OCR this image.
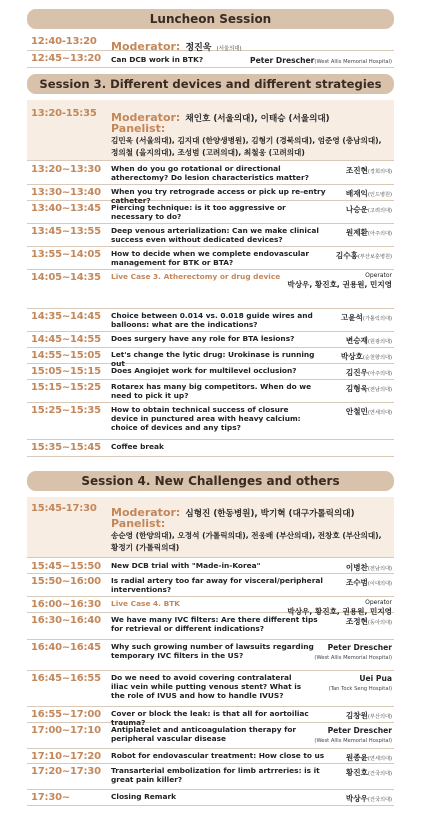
Luncheon Session
12:40-13:20 Moderator: 정진욱 (서울의대)
12:45~13:20 Can DCB work in BTK?	Peter Drescher(West Allis Memorial Hospital)
Session 3. Different devices and different strategies
13:20-15:35 Moderator: 채인호 (서울의대), 이태승 (서울의대)
Panelist:
김민욱 (서울의대), 김지대 (한양생병원), 김형기 (경북의대), 엄준영 (충남의대),
정의철 (을지의대), 조성범 (고려의대), 최철웅 (고려의대)
13:20~13:30 When do you go rotational or directional atherectomy? Do lesion characteristics matter?
조진현(경희의대)
13:30~13:40 When you try retrograde access or pick up re-entry catheter?
배재익(인드병원)
13:40~13:45 Piercing technique: is it too aggressive or necessary to do?
나승운(고려의대)
13:45~13:55 Deep venous arterialization: Can we make clinical success even without dedicated devices?
원제환(아주의대)
13:55~14:05 How to decide when we complete endovascular management for BTK or BTA?
김수홍(부산보훈병원)
14:05~14:35 Live Case 3. Atherectomy or drug device	Operator
박상우, 황진호, 권용원, 민지영
14:35~14:45 Choice between 0.014 vs. 0.018 guide wires and balloons: what are the indications?
고윤석(가톨릭의대)
14:45~14:55 Does surgery have any role for BTA lesions?	변승재(원광의대)
14:55~15:05 Let's change the lytic drug: Urokinase is running out
박상호(순천향의대)
15:05~15:15 Does Angiojet work for multilevel occlusion?	김진우(아주의대)
15:15~15:25 Rotarex has many big competitors. When do we need to pick it up?
김형욱(전남의대)
15:25~15:35 How to obtain technical success of closure device in punctured area with heavy calcium: choice of devices and any tips?
안철민(연세의대)
15:35~15:45 Coffee break
Session 4. New Challenges and others
15:45-17:30 Moderator: 심형진 (한동병원), 박기혁 (대구가톨릭의대)
Panelist:
송순영 (한양의대), 오정석 (가톨릭의대), 전웅배 (부산의대), 전창호 (부산의대),
황정기 (가톨릭의대)
15:45~15:50 New DCB trial with "Made-in-Korea"	이병찬(전남의대)
15:50~16:00 Is radial artery too far away for visceral/peripheral interventions?
조수범(이대의대)
16:00~16:30 Live Case 4. BTK	Operator
박상우, 황진호, 권용원, 민지영
16:30~16:40 We have many IVC filters: Are there different tips for retrieval or different indications?
조정현(동아의대)
16:40~16:45 Why such growing number of lawsuits regarding temporary IVC filters in the US?
Peter Drescher
(West Allis Memorial Hospital)
16:45~16:55 Do we need to avoid covering contralateral iliac vein while putting venous stent? What is the role of IVUS and how to handle IVUS?
Uei Pua
(Tan Tock Seng Hospital)
16:55~17:00 Cover or block the leak: is that all for aortoiliac trauma?
김창원(부산의대)
17:00~17:10 Antiplatelet and anticoagulation therapy for peripheral vascular disease
Peter Drescher
(West Allis Memorial Hospital)
17:10~17:20 Robot for endovascular treatment: How close to us	원종윤(연세의대)
17:20~17:30 Transarterial embolization for limb artrreries: is it great pain killer?
황진호(건국의대)
17:30~	Closing Remark	박상우(건국의대)
